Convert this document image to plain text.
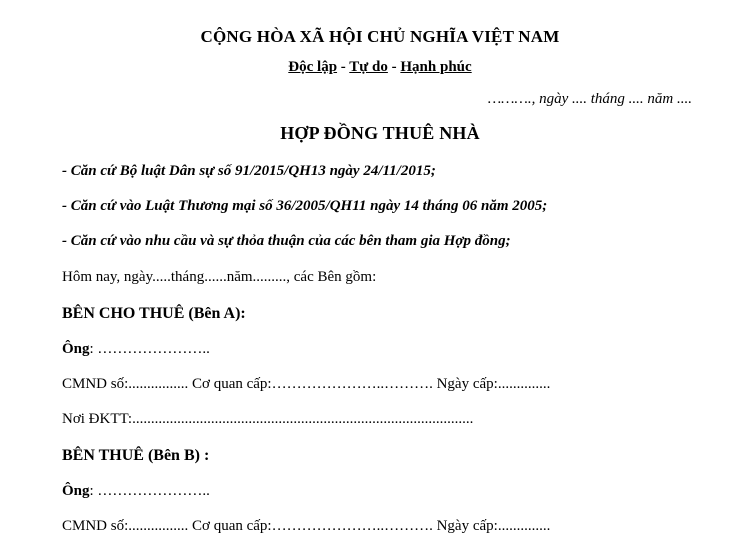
CỘNG HÒA XÃ HỘI CHỦ NGHĨA VIỆT NAM
Độc lập - Tự do - Hạnh phúc
………., ngày .... tháng .... năm ....
HỢP ĐỒNG THUÊ NHÀ
- Căn cứ Bộ luật Dân sự số 91/2015/QH13 ngày 24/11/2015;
- Căn cứ vào Luật Thương mại số 36/2005/QH11 ngày 14 tháng 06 năm 2005;
- Căn cứ vào nhu cầu và sự thỏa thuận của các bên tham gia Hợp đồng;
Hôm nay, ngày.....tháng......năm........., các Bên gồm:
BÊN CHO THUÊ (Bên A):
Ông: …………………..
CMND số:................ Cơ quan cấp:…………………..………. Ngày cấp:..............
Nơi ĐKTT:...........................................................................................
BÊN THUÊ (Bên B) :
Ông: …………………..
CMND số:................ Cơ quan cấp:…………………..………. Ngày cấp:..............
